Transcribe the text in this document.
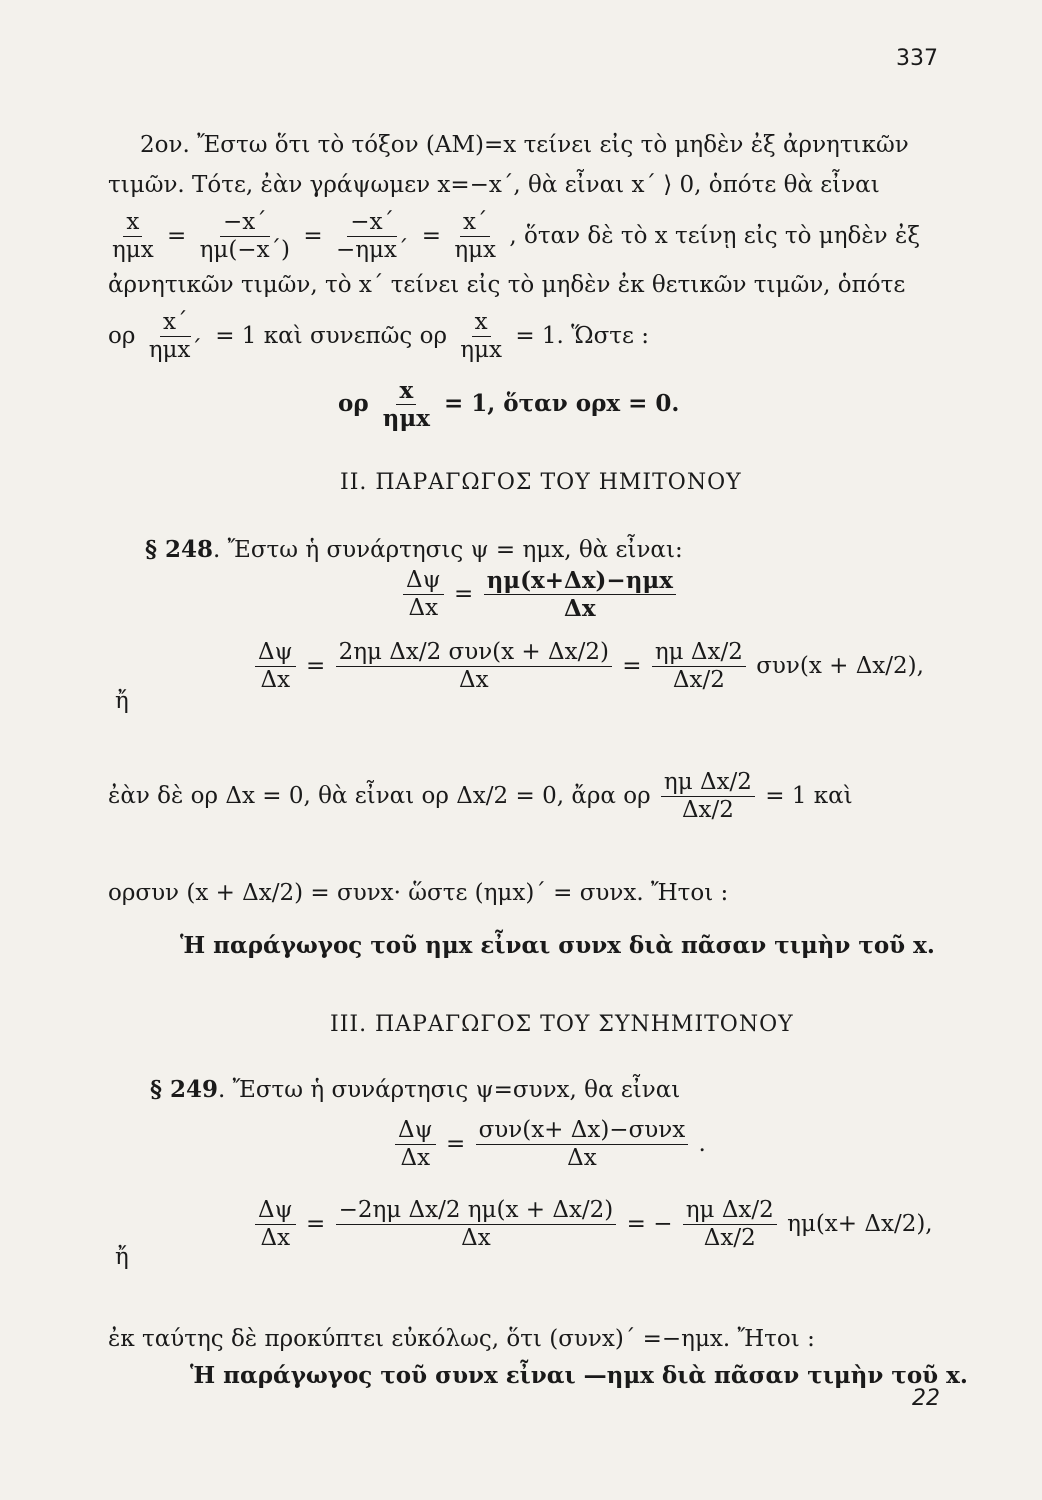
337
2ον. Ἔστω ὅτι τὸ τόξον (ΑΜ)=x τείνει εἰς τὸ μηδὲν ἐξ ἀρνητικῶν
τιμῶν. Τότε, ἐὰν γράψωμεν x=−x΄, θὰ εἶναι x΄ ⟩ 0, ὁπότε θὰ εἶναι
$\frac{x}{\text{ημx}} = \frac{-x΄}{\eta\mu(-x΄)} = \frac{-x΄}{\text{−ημx΄}} = \frac{x΄}{\text{ημx}}$ , ὅταν δὲ τὸ x τείνῃ εἰς τὸ μηδὲν ἐξ
ἀρνητικῶν τιμῶν, τὸ x΄ τείνει εἰς τὸ μηδὲν ἐκ θετικῶν τιμῶν, ὁπότε
ορ $\frac{x΄}{\text{ημx΄}} = 1$ καὶ συνεπῶς ορ $\frac{x}{\text{ημx}} = 1$. Ὥστε :
ορ $\frac{x}{\text{ημx}} = 1$, ὅταν ορx = 0.
ΙΙ. ΠΑΡΑΓΩΓΟΣ ΤΟΥ ΗΜΙΤΟΝΟΥ
§ 248. Ἔστω ἡ συνάρτησις ψ = ημx, θὰ εἶναι:
$\frac{\Delta\psi}{\Delta x} = \frac{\text{ημ(x+Δx)−ημx}}{\Delta x}$
ἤ
$\frac{\Delta\psi}{\Delta x} = \frac{\text{2ημ Δx/2 συν(x + Δx/2)}}{\Delta x} = \frac{\text{ημ Δx/2}}{\Delta x/2} \sigma\upsilon\nu(x + \Delta x/2)$,
ἐὰν δὲ ορ Δx = 0, θὰ εἶναι ορ Δx/2 = 0, ἄρα ορ $\frac{\text{ημ Δx/2}}{\Delta x/2} = 1$ καὶ
ορσυν (x + Δx/2) = συνx· ὥστε (ημx)΄ = συνx. Ἤτοι :
Ἡ παράγωγος τοῦ ημx εἶναι συνx διὰ πᾶσαν τιμὴν τοῦ x.
ΙΙΙ. ΠΑΡΑΓΩΓΟΣ ΤΟΥ ΣΥΝΗΜΙΤΟΝΟΥ
§ 249. Ἔστω ἡ συνάρτησις ψ=συνx, θα εἶναι
$\frac{\Delta\psi}{\Delta x} = \frac{\text{συν(x+ Δx)−συνx}}{\Delta x}$ .
ἤ
$\frac{\Delta\psi}{\Delta x} = \frac{\text{−2ημ Δx/2 ημ(x + Δx/2)}}{\Delta x}$ = − $\frac{\text{ημ Δx/2}}{\Delta x/2} \eta\mu(x+ \Delta x/2)$,
ἐκ ταύτης δὲ προκύπτει εὐκόλως, ὅτι (συνx)΄ =−ημx. Ἤτοι :
Ἡ παράγωγος τοῦ συνx εἶναι —ημx διὰ πᾶσαν τιμὴν τοῦ x.
22
